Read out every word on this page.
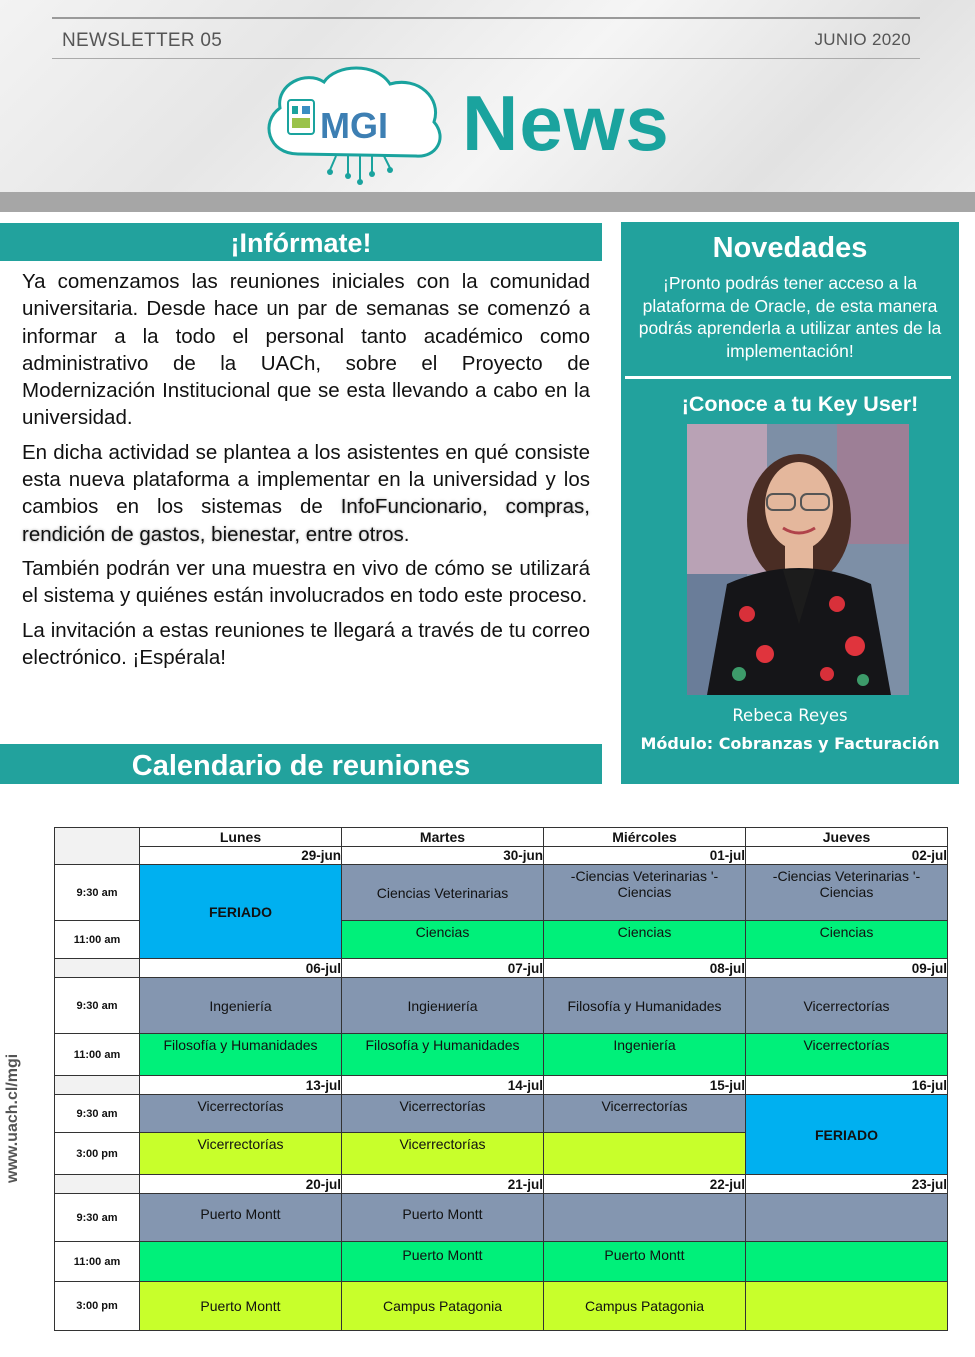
NEWSLETTER 05	JUNIO 2020
MGI News
¡Infórmate!

Ya comenzamos las reuniones iniciales con la comunidad universitaria. Desde hace un par de semanas se comenzó a informar a la todo el personal tanto académico como administrativo de la UACh, sobre el Proyecto de Modernización Institucional que se esta llevando a cabo en la universidad.

En dicha actividad se plantea a los asistentes en qué consiste esta nueva plataforma a implementar en la universidad y los cambios en los sistemas de InfoFuncionario, compras, rendición de gastos, bienestar, entre otros.

También podrán ver una muestra en vivo de cómo se utilizará el sistema y quiénes están involucrados en todo este proceso.

La invitación a estas reuniones te llegará a través de tu correo electrónico. ¡Espérala!

Calendario de reuniones
Novedades
¡Pronto podrás tener acceso a la plataforma de Oracle, de esta manera podrás aprenderla a utilizar antes de la implementación!
¡Conoce a tu Key User!
Rebeca Reyes
Módulo: Cobranzas y Facturación
www.uach.cl/mgi
	Lunes	Martes	Miércoles	Jueves
	29-jun	30-jun	01-jul	02-jul
9:30 am	FERIADO	Ciencias Veterinarias	-Ciencias Veterinarias '-Ciencias	-Ciencias Veterinarias '-Ciencias

11:00 am		Ciencias	Ciencias	Ciencias

	06-jul	07-jul	08-jul	09-jul
9:30 am	Ingeniería	Ingiениería	Filosofía y Humanidades	Vicerrectorías
11:00 am	Filosofía y Humanidades	Filosofía y Humanidades	Ingeniería	Vicerrectorías

	13-jul	14-jul	15-jul	16-jul
9:30 am	Vicerrectorías	Vicerrectorías	Vicerrectorías	FERIADO
3:00 pm	Vicerrectorías	Vicerrectorías		

	20-jul	21-jul	22-jul	23-jul
9:30 am	Puerto Montt	Puerto Montt		

11:00 am		Puerto Montt	Puerto Montt	

3:00 pm	Puerto Montt	Campus Patagonia	Campus Patagonia	
